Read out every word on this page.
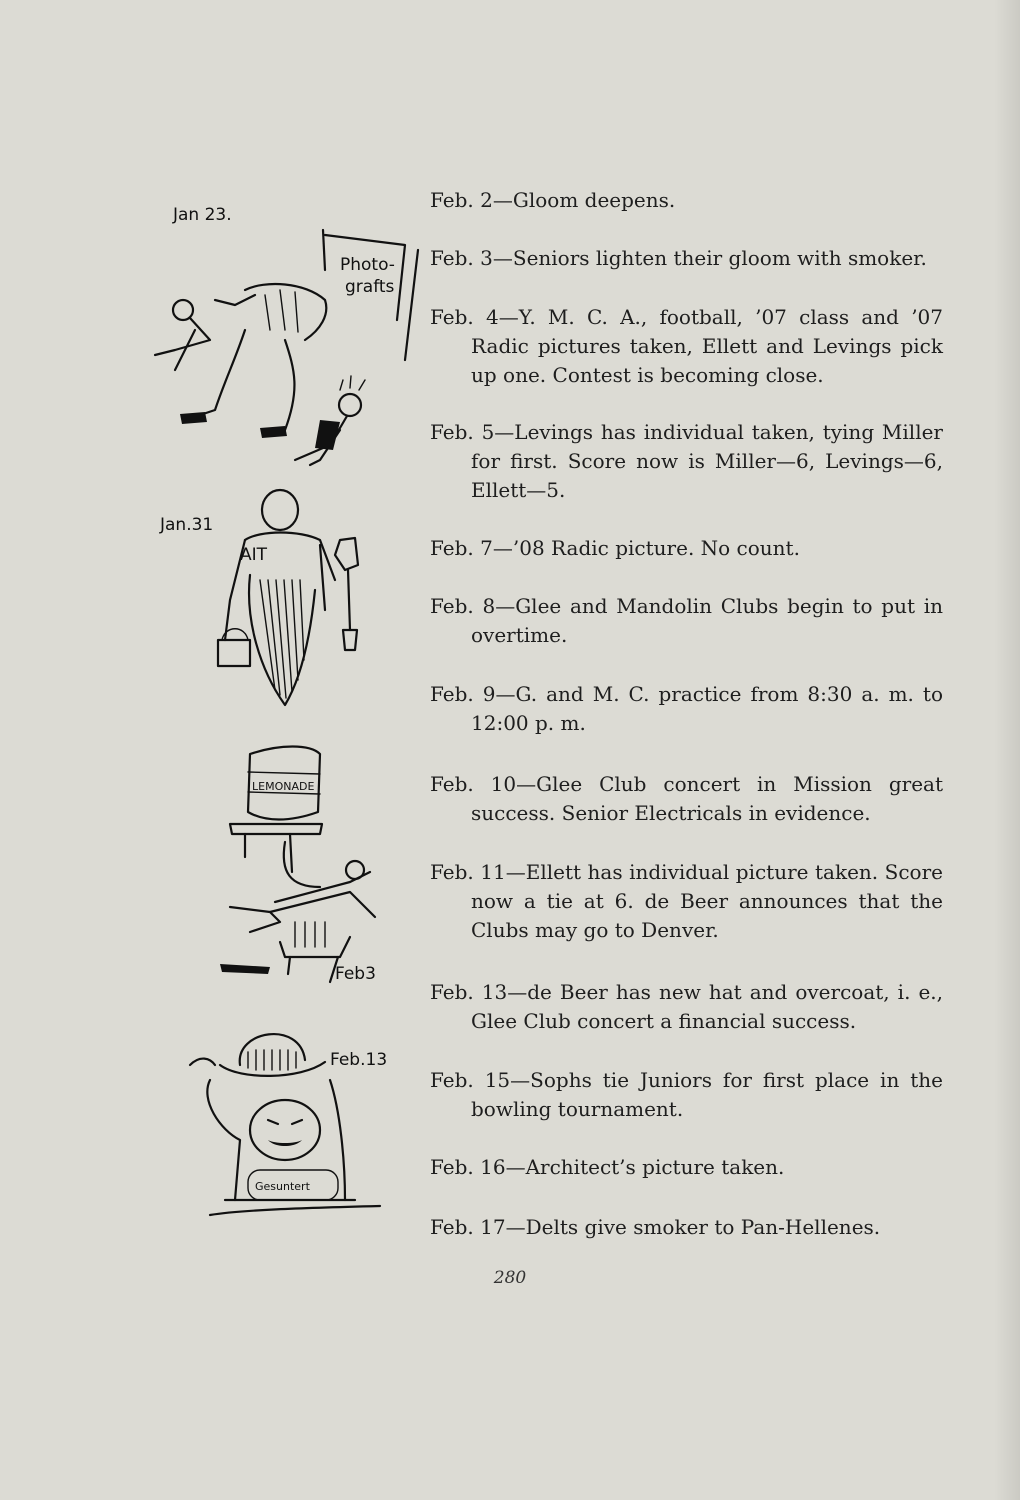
Feb. 2—Gloom deepens.
Feb. 3—Seniors lighten their gloom with smoker.
Feb. 4—Y. M. C. A., football, ’07 class and ’07 Radic pictures taken, Ellett and Levings pick up one. Contest is becoming close.
Feb. 5—Levings has individual taken, tying Miller for first. Score now is Miller—6, Levings—6, Ellett—5.
Feb. 7—’08 Radic picture. No count.
Feb. 8—Glee and Mandolin Clubs begin to put in overtime.
Feb. 9—G. and M. C. practice from 8:30 a. m. to 12:00 p. m.
Feb. 10—Glee Club concert in Mission great success. Senior Electricals in evidence.
Feb. 11—Ellett has individual picture taken. Score now a tie at 6. de Beer announces that the Clubs may go to Denver.
Feb. 13—de Beer has new hat and overcoat, i. e., Glee Club concert a financial success.
Feb. 15—Sophs tie Juniors for first place in the bowling tournament.
Feb. 16—Architect’s picture taken.
Feb. 17—Delts give smoker to Pan-Hellenes.
Jan 23.
Photo-
grafts
Jan.31
AIT
LEMONADE
Feb3
Feb.13
Gesuntert
280
